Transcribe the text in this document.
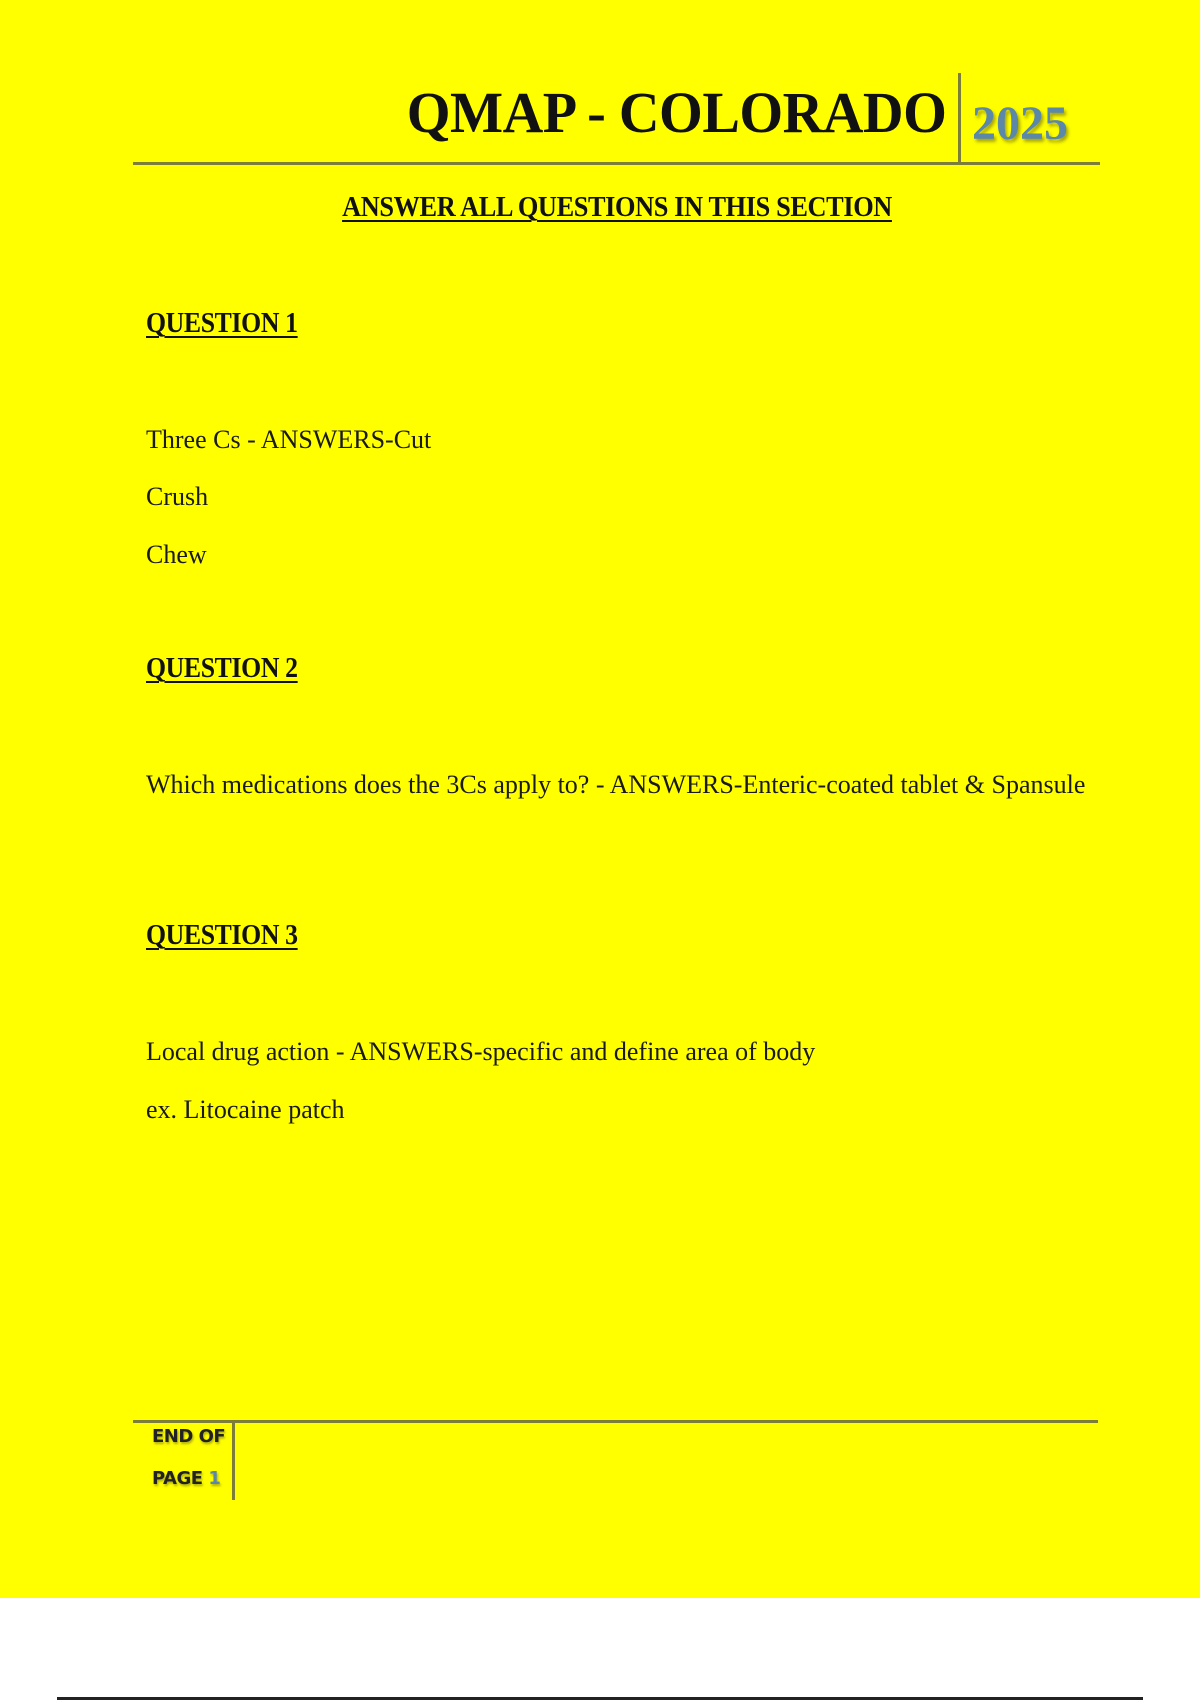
QMAP - COLORADO 2025
ANSWER ALL QUESTIONS IN THIS SECTION
QUESTION 1
Three Cs - ANSWERS-Cut
Crush
Chew
QUESTION 2
Which medications does the 3Cs apply to? - ANSWERS-Enteric-coated tablet & Spansule
QUESTION 3
Local drug action - ANSWERS-specific and define area of body
ex. Litocaine patch
END OF
PAGE 1
